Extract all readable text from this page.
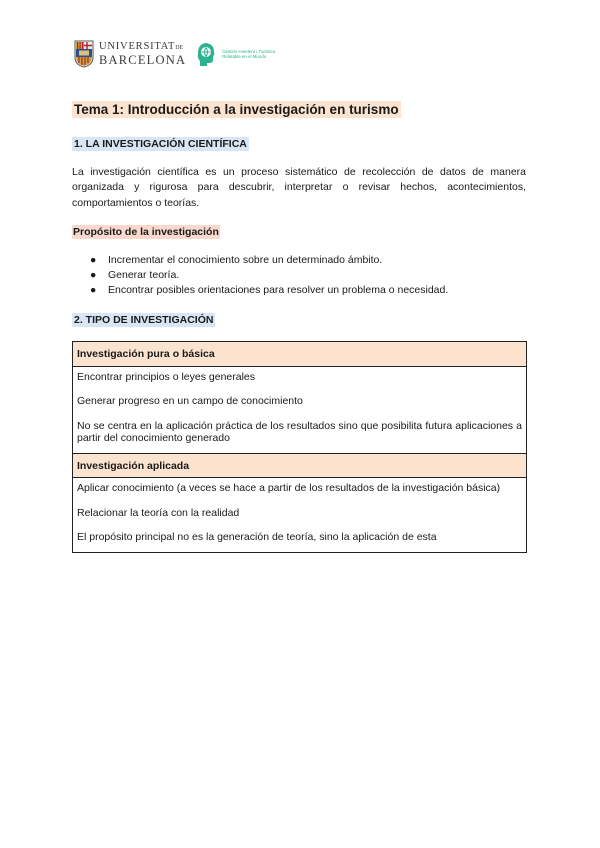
UNIVERSITATDE
BARCELONA
Gestión Hotelera i Turística Relatable en el Mundo
Tema 1: Introducción a la investigación en turismo
1. LA INVESTIGACIÓN CIENTÍFICA

La investigación científica es un proceso sistemático de recolección de datos de manera organizada y rigurosa para descubrir, interpretar o revisar hechos, acontecimientos, comportamientos o teorías.

Propósito de la investigación
● Incrementar el conocimiento sobre un determinado ámbito.
● Generar teoría.
● Encontrar posibles orientaciones para resolver un problema o necesidad.
2. TIPO DE INVESTIGACIÓN
Investigación pura o básica
Encontrar principios o leyes generales
Generar progreso en un campo de conocimiento
No se centra en la aplicación práctica de los resultados sino que posibilita futura aplicaciones a partir del conocimiento generado
Investigación aplicada
Aplicar conocimiento (a veces se hace a partir de los resultados de la investigación básica)
Relacionar la teoría con la realidad
El propósito principal no es la generación de teoría, sino la aplicación de esta
